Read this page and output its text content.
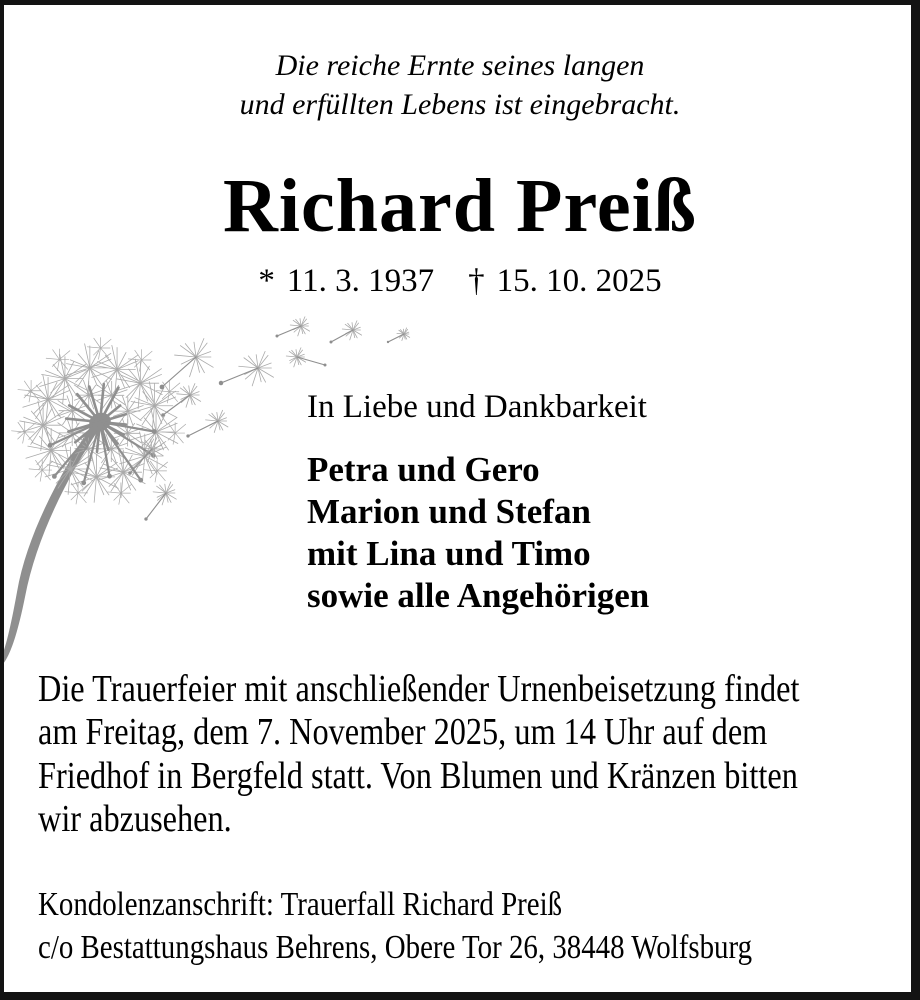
Die reiche Ernte seines langen
und erfüllten Lebens ist eingebracht.
Richard Preiß
* 11. 3. 1937 † 15. 10. 2025
In Liebe und Dankbarkeit
Petra und Gero
Marion und Stefan
mit Lina und Timo
sowie alle Angehörigen
Die Trauerfeier mit anschließender Urnenbeisetzung findet
am Freitag, dem 7. November 2025, um 14 Uhr auf dem
Friedhof in Bergfeld statt. Von Blumen und Kränzen bitten
wir abzusehen.
Kondolenzanschrift: Trauerfall Richard Preiß
c/o Bestattungshaus Behrens, Obere Tor 26, 38448 Wolfsburg
